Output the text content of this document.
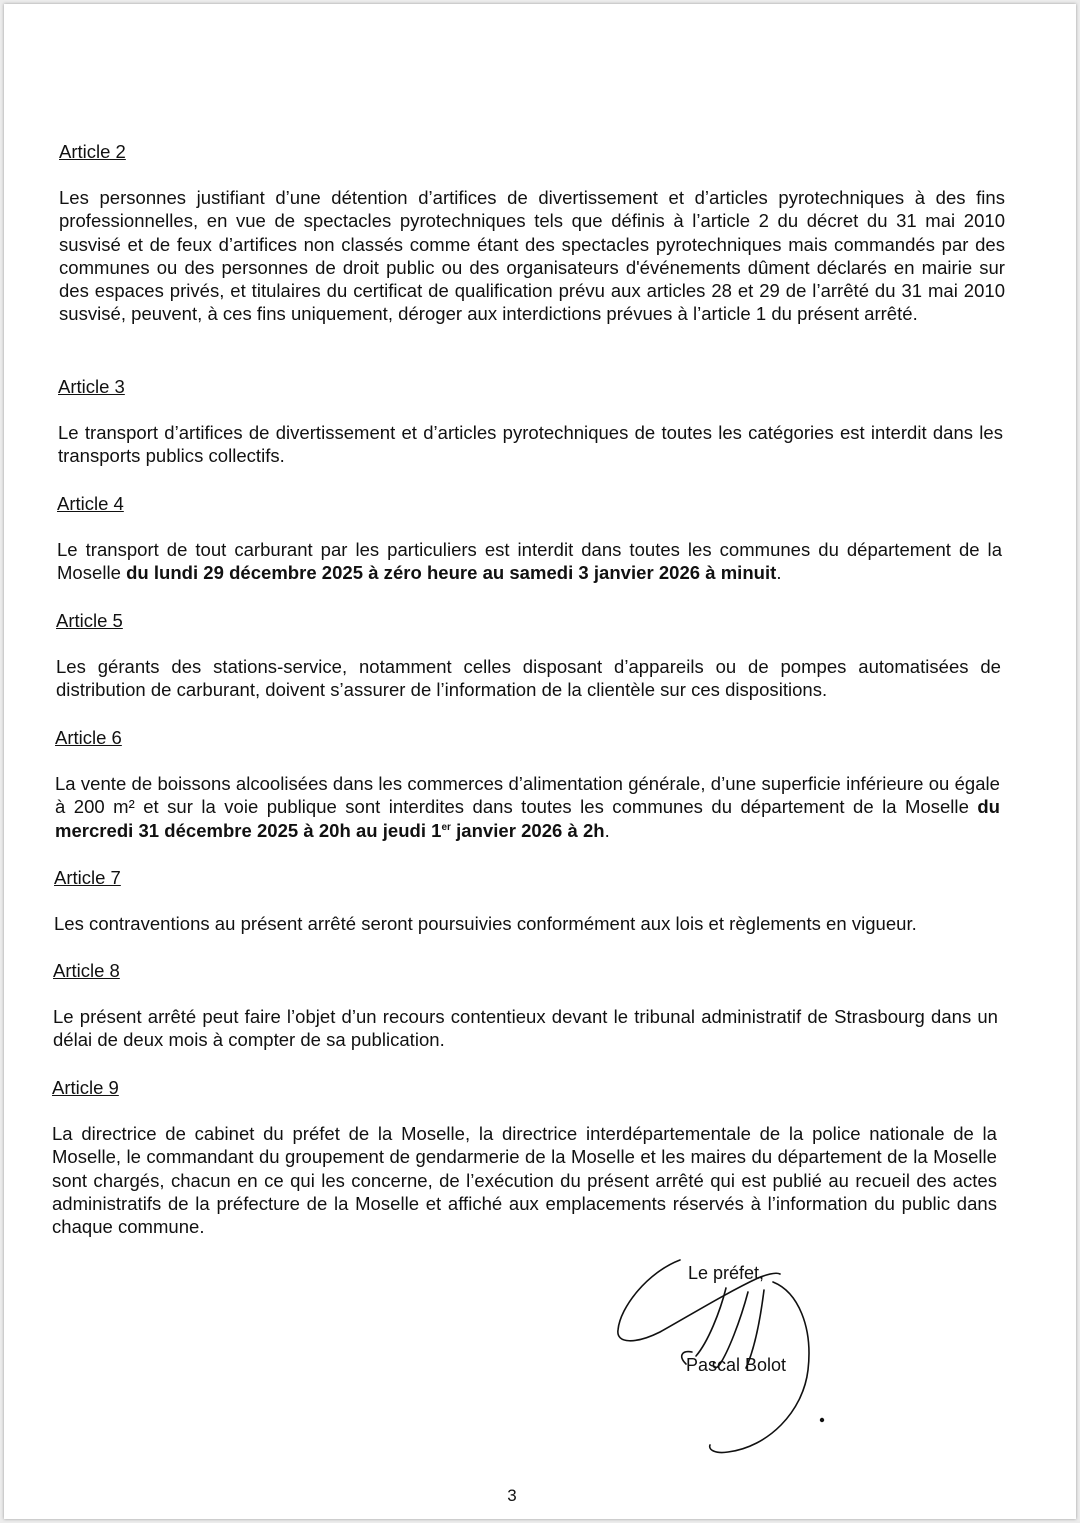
Article 2

Les personnes justifiant d’une détention d’artifices de divertissement et d’articles pyrotechniques à des fins professionnelles, en vue de spectacles pyrotechniques tels que définis à l’article 2 du décret du 31 mai 2010 susvisé et de feux d’artifices non classés comme étant des spectacles pyrotechniques mais commandés par des communes ou des personnes de droit public ou des organisateurs d'événements dûment déclarés en mairie sur des espaces privés, et titulaires du certificat de qualification prévu aux articles 28 et 29 de l’arrêté du 31 mai 2010 susvisé, peuvent, à ces fins uniquement, déroger aux interdictions prévues à l’article 1 du présent arrêté.

Article 3

Le transport d’artifices de divertissement et d’articles pyrotechniques de toutes les catégories est interdit dans les transports publics collectifs.

Article 4

Le transport de tout carburant par les particuliers est interdit dans toutes les communes du département de la Moselle du lundi 29 décembre 2025 à zéro heure au samedi 3 janvier 2026 à minuit.

Article 5

Les gérants des stations-service, notamment celles disposant d’appareils ou de pompes automatisées de distribution de carburant, doivent s’assurer de l’information de la clientèle sur ces dispositions.

Article 6

La vente de boissons alcoolisées dans les commerces d’alimentation générale, d’une superficie inférieure ou égale à 200 m² et sur la voie publique sont interdites dans toutes les communes du département de la Moselle du mercredi 31 décembre 2025 à 20h au jeudi 1er janvier 2026 à 2h.

Article 7

Les contraventions au présent arrêté seront poursuivies conformément aux lois et règlements en vigueur.

Article 8

Le présent arrêté peut faire l’objet d’un recours contentieux devant le tribunal administratif de Strasbourg dans un délai de deux mois à compter de sa publication.

Article 9

La directrice de cabinet du préfet de la Moselle, la directrice interdépartementale de la police nationale de la Moselle, le commandant du groupement de gendarmerie de la Moselle et les maires du département de la Moselle sont chargés, chacun en ce qui les concerne, de l’exécution du présent arrêté qui est publié au recueil des actes administratifs de la préfecture de la Moselle et affiché aux emplacements réservés à l’information du public dans chaque commune.

Le préfet,
Pascal Bolot
3
